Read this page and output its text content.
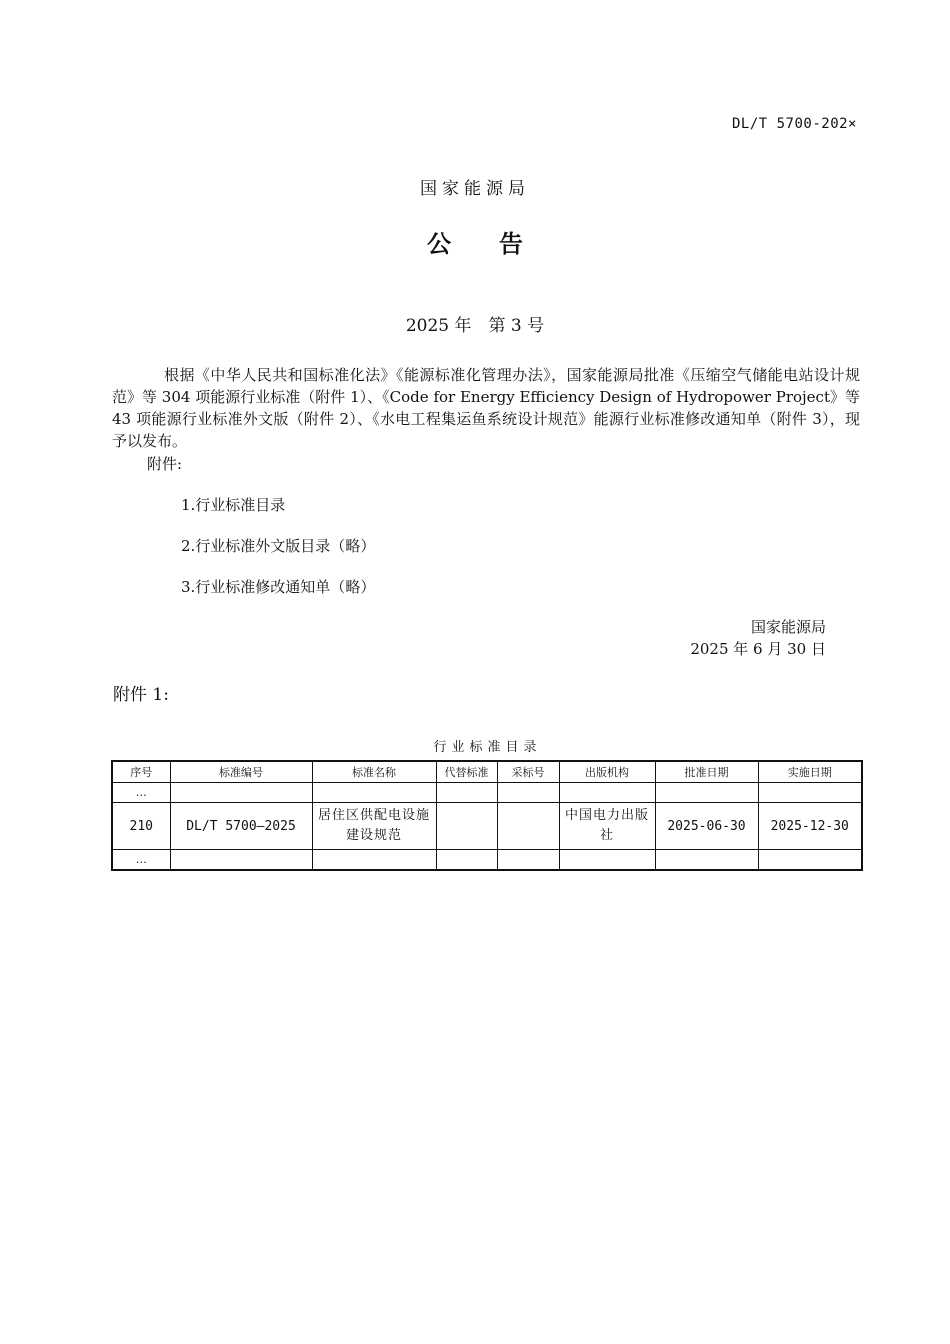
DL/T 5700-202×
国家能源局
公 告
2025 年　第 3 号
根据《中华人民共和国标准化法》《能源标准化管理办法》，国家能源局批准《压缩空气储能电站设计规范》等 304 项能源行业标准（附件 1）、《Code for Energy Efficiency Design of Hydropower Project》等 43 项能源行业标准外文版（附件 2）、《水电工程集运鱼系统设计规范》能源行业标准修改通知单（附件 3），现予以发布。
附件:
1.行业标准目录
2.行业标准外文版目录（略）
3.行业标准修改通知单（略）
国家能源局
2025 年 6 月 30 日
附件 1:
行业标准目录
序号	标准编号	标准名称	代替标准	采标号	出版机构	批准日期	实施日期
…							
210	DL/T 5700—2025	居住区供配电设施建设规范			中国电力出版社	2025-06-30	2025-12-30
…							
